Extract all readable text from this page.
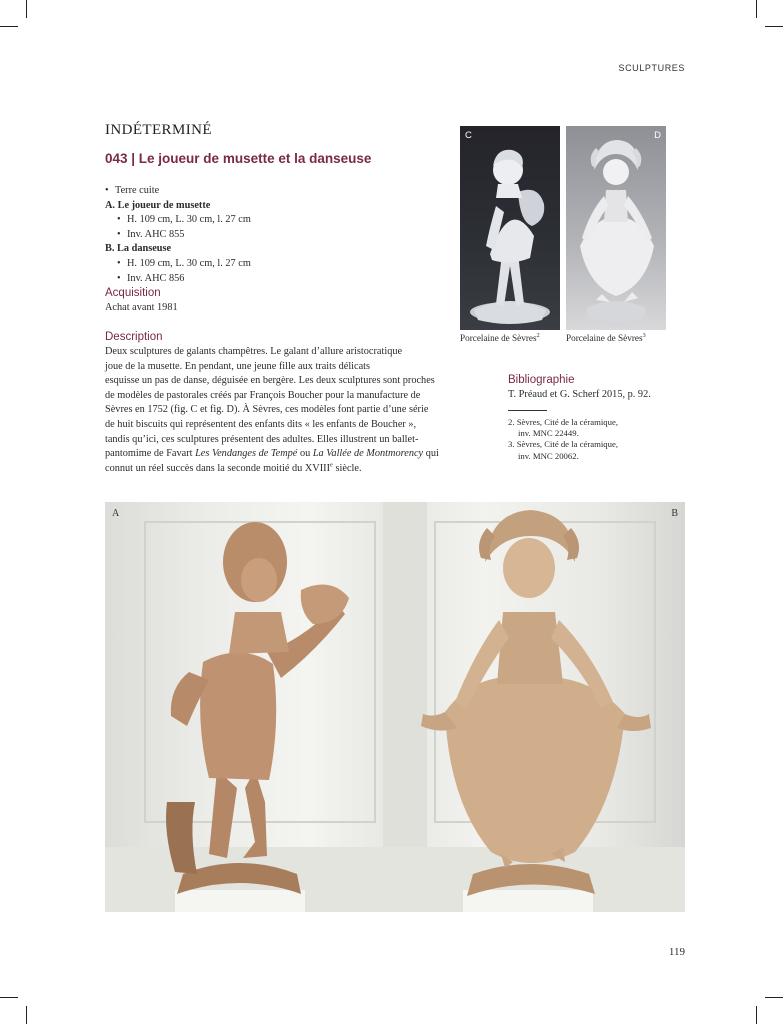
SCULPTURES
INDÉTERMINÉ
043 | Le joueur de musette et la danseuse
• Terre cuite
A. Le joueur de musette
• H. 109 cm, L. 30 cm, l. 27 cm
• Inv. AHC 855
B. La danseuse
• H. 109 cm, L. 30 cm, l. 27 cm
• Inv. AHC 856
Acquisition
Achat avant 1981
Description

Deux sculptures de galants champêtres. Le galant d’allure aristocratique

joue de la musette. En pendant, une jeune fille aux traits délicats

esquisse un pas de danse, déguisée en bergère. Les deux sculptures sont proches

de modèles de pastorales créés par François Boucher pour la manufacture de

Sèvres en 1752 (fig. C et fig. D). À Sèvres, ces modèles font partie d’une série

de huit biscuits qui représentent des enfants dits « les enfants de Boucher »,

tandis qu’ici, ces sculptures présentent des adultes. Elles illustrent un ballet-

pantomime de Favart Les Vendanges de Tempé ou La Vallée de Montmorency qui

connut un réel succès dans la seconde moitié du XVIIIe siècle.

C	D
Porcelaine de Sèvres$^2$	Porcelaine de Sèvres$^3$
Bibliographie
T. Préaud et G. Scherf 2015, p. 92.
2. Sèvres, Cité de la céramique,
inv. MNC 22449.
3. Sèvres, Cité de la céramique,
inv. MNC 20062.
A	B
119
